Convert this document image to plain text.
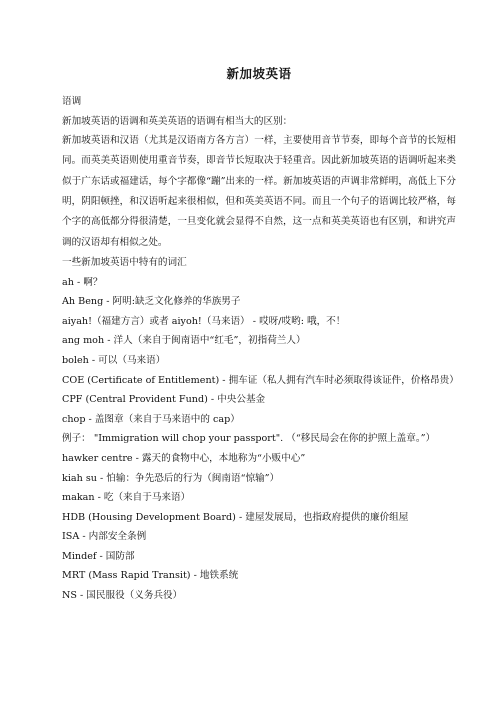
新加坡英语

语调

新加坡英语的语调和英美英语的语调有相当大的区别：

新加坡英语和汉语（尤其是汉语南方各方言）一样，主要使用音节节奏，即每个音节的长短相同。而英美英语则使用重音节奏，即音节长短取决于轻重音。因此新加坡英语的语调听起来类似于广东话或福建话，每个字都像“蹦”出来的一样。新加坡英语的声调非常鲜明，高低上下分明，阴阳顿挫，和汉语听起来很相似，但和英美英语不同。而且一个句子的语调比较严格，每个字的高低都分得很清楚，一旦变化就会显得不自然，这一点和英美英语也有区别，和讲究声调的汉语却有相似之处。

一些新加坡英语中特有的词汇

ah - 啊？

Ah Beng - 阿明:缺乏文化修养的华族男子

aiyah!（福建方言）或者 aiyoh!（马来语） - 哎呀/哎哟: 哦，不！

ang moh - 洋人（来自于闽南语中“红毛”，初指荷兰人）

boleh - 可以（马来语）

COE (Certificate of Entitlement) - 拥车证（私人拥有汽车时必须取得该证件，价格昂贵）

CPF (Central Provident Fund) - 中央公基金

chop - 盖图章（来自于马来语中的 cap）

例子： "Immigration will chop your passport". （“移民局会在你的护照上盖章。”）

hawker centre - 露天的食物中心，本地称为“小贩中心”

kiah su - 怕输：争先恐后的行为（闽南语“惊输”）

makan - 吃（来自于马来语）

HDB (Housing Development Board) - 建屋发展局，也指政府提供的廉价组屋

ISA - 内部安全条例

Mindef - 国防部

MRT (Mass Rapid Transit) - 地铁系统

NS - 国民服役（义务兵役）
